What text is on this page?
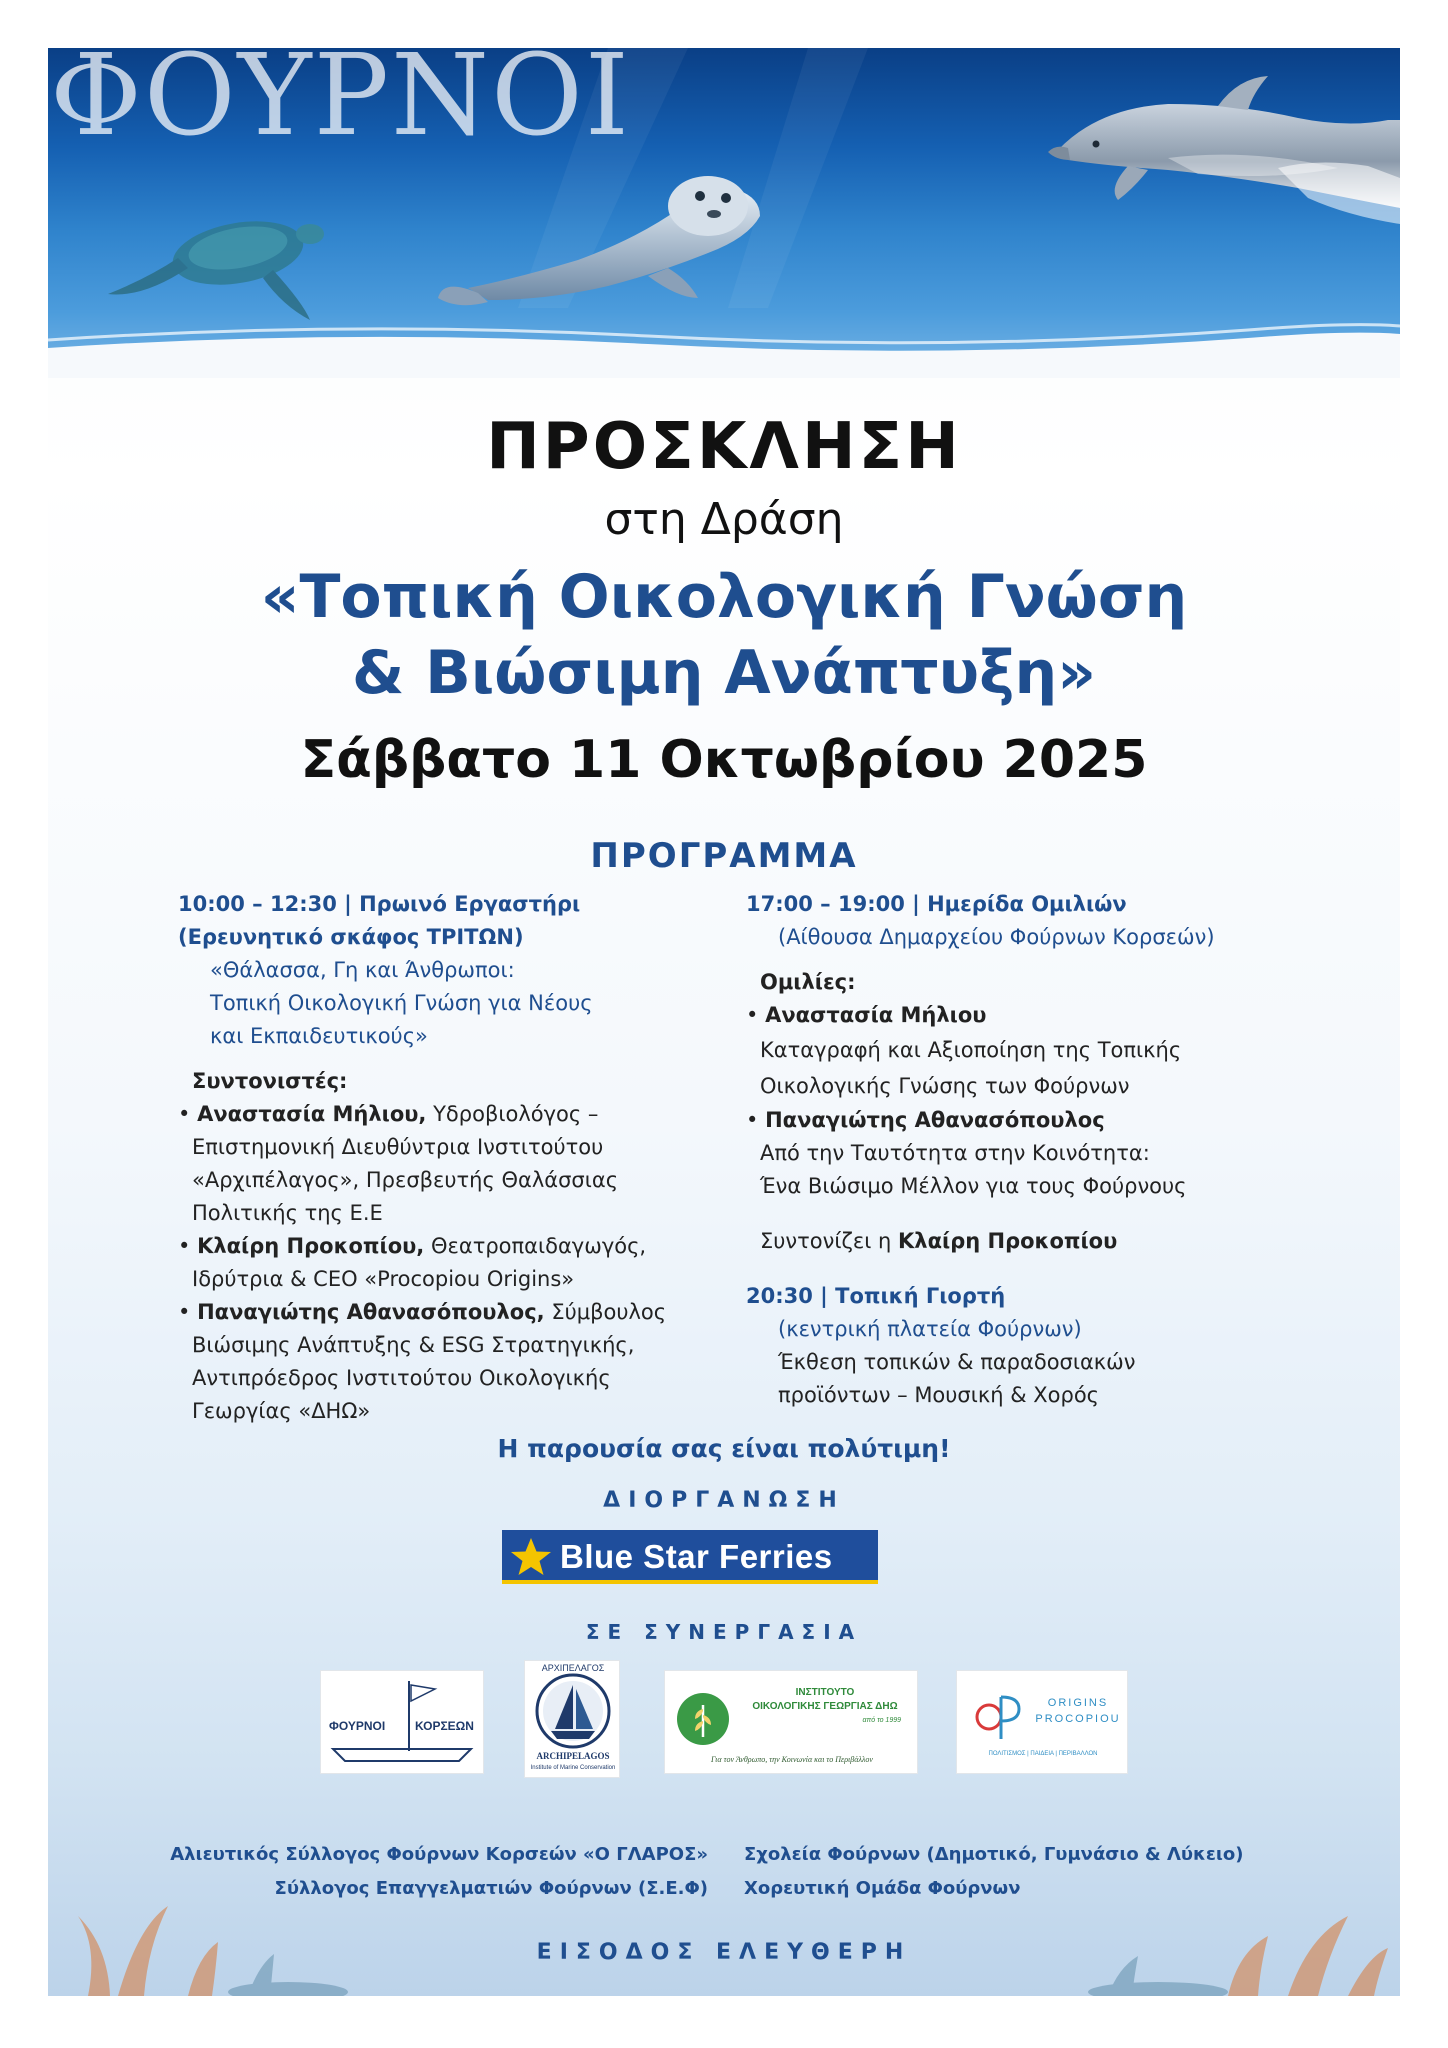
ΦΟΥΡΝΟΙ
ΠΡΟΣΚΛΗΣΗ
στη Δράση
«Τοπική Οικολογική Γνώση
& Βιώσιμη Ανάπτυξη»
Σάββατο 11 Οκτωβρίου 2025
ΠΡΟΓΡΑΜΜΑ
10:00 – 12:30 | Πρωινό Εργαστήρι
(Ερευνητικό σκάφος ΤΡΙΤΩΝ)
«Θάλασσα, Γη και Άνθρωποι:
Τοπική Οικολογική Γνώση για Νέους
και Εκπαιδευτικούς»
Συντονιστές:
• Αναστασία Μήλιου, Υδροβιολόγος –
Επιστημονική Διευθύντρια Ινστιτούτου
«Αρχιπέλαγος», Πρεσβευτής Θαλάσσιας
Πολιτικής της Ε.Ε
• Κλαίρη Προκοπίου, Θεατροπαιδαγωγός,
Ιδρύτρια & CEO «Procopiou Origins»
• Παναγιώτης Αθανασόπουλος, Σύμβουλος
Βιώσιμης Ανάπτυξης & ESG Στρατηγικής,
Αντιπρόεδρος Ινστιτούτου Οικολογικής
Γεωργίας «ΔΗΩ»
17:00 – 19:00 | Ημερίδα Ομιλιών
(Αίθουσα Δημαρχείου Φούρνων Κορσεών)
Ομιλίες:
• Αναστασία Μήλιου
Καταγραφή και Αξιοποίηση της Τοπικής
Οικολογικής Γνώσης των Φούρνων
• Παναγιώτης Αθανασόπουλος
Από την Ταυτότητα στην Κοινότητα:
Ένα Βιώσιμο Μέλλον για τους Φούρνους
Συντονίζει η Κλαίρη Προκοπίου
20:30 | Τοπική Γιορτή
(κεντρική πλατεία Φούρνων)
Έκθεση τοπικών & παραδοσιακών
προϊόντων – Μουσική & Χορός
Η παρουσία σας είναι πολύτιμη!
ΔΙΟΡΓΑΝΩΣΗ
Blue Star Ferries
ΣΕ ΣΥΝΕΡΓΑΣΙΑ
ΦΟΥΡΝΟΙ ΚΟΡΣΕΩΝ
ΑΡΧΙΠΕΛΑΓΟΣ
ARCHIPELAGOS
Institute of Marine Conservation
ΙΝΣΤΙΤΟΥΤΟ
ΟΙΚΟΛΟΓΙΚΗΣ ΓΕΩΡΓΙΑΣ ΔΗΩ
από το 1999
Για τον Άνθρωπο, την Κοινωνία και το Περιβάλλον
ORIGINS
PROCOPIOU
ΠΟΛΙΤΙΣΜΟΣ | ΠΑΙΔΕΙΑ | ΠΕΡΙΒΑΛΛΟΝ
Αλιευτικός Σύλλογος Φούρνων Κορσεών «Ο ΓΛΑΡΟΣ»
Σύλλογος Επαγγελματιών Φούρνων (Σ.Ε.Φ)
Σχολεία Φούρνων (Δημοτικό, Γυμνάσιο & Λύκειο)
Χορευτική Ομάδα Φούρνων
ΕΙΣΟΔΟΣ ΕΛΕΥΘΕΡΗ
